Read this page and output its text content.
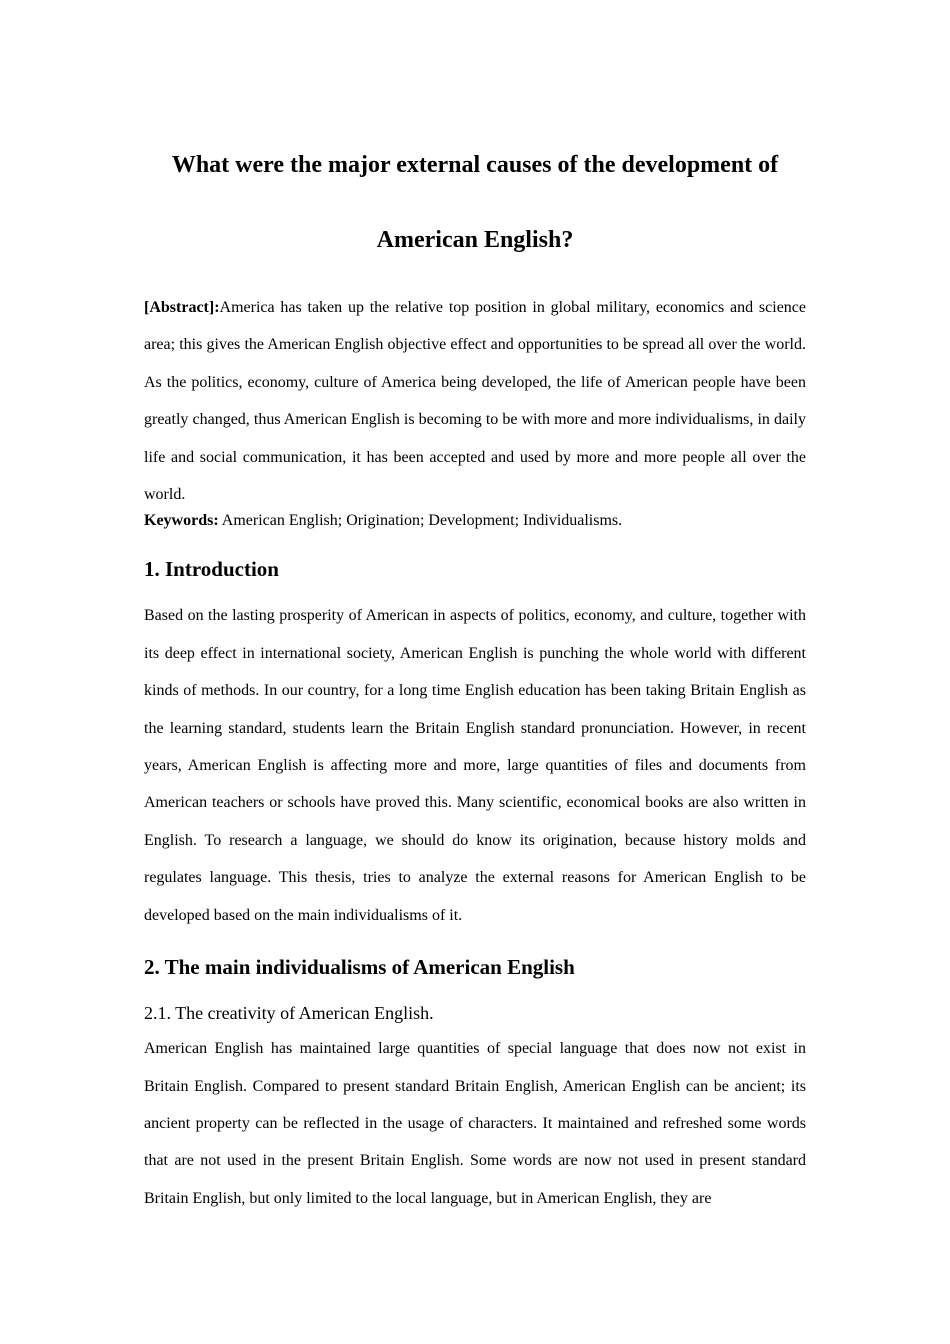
What were the major external causes of the development of American English?

[Abstract]:America has taken up the relative top position in global military, economics and science area; this gives the American English objective effect and opportunities to be spread all over the world. As the politics, economy, culture of America being developed, the life of American people have been greatly changed, thus American English is becoming to be with more and more individualisms, in daily life and social communication, it has been accepted and used by more and more people all over the world.

Keywords: American English; Origination; Development; Individualisms.

1. Introduction

Based on the lasting prosperity of American in aspects of politics, economy, and culture, together with its deep effect in international society, American English is punching the whole world with different kinds of methods. In our country, for a long time English education has been taking Britain English as the learning standard, students learn the Britain English standard pronunciation. However, in recent years, American English is affecting more and more, large quantities of files and documents from American teachers or schools have proved this. Many scientific, economical books are also written in English. To research a language, we should do know its origination, because history molds and regulates language. This thesis, tries to analyze the external reasons for American English to be developed based on the main individualisms of it.

2. The main individualisms of American English
2.1. The creativity of American English.

American English has maintained large quantities of special language that does now not exist in Britain English. Compared to present standard Britain English, American English can be ancient; its ancient property can be reflected in the usage of characters. It maintained and refreshed some words that are not used in the present Britain English. Some words are now not used in present standard Britain English, but only limited to the local language, but in American English, they are
